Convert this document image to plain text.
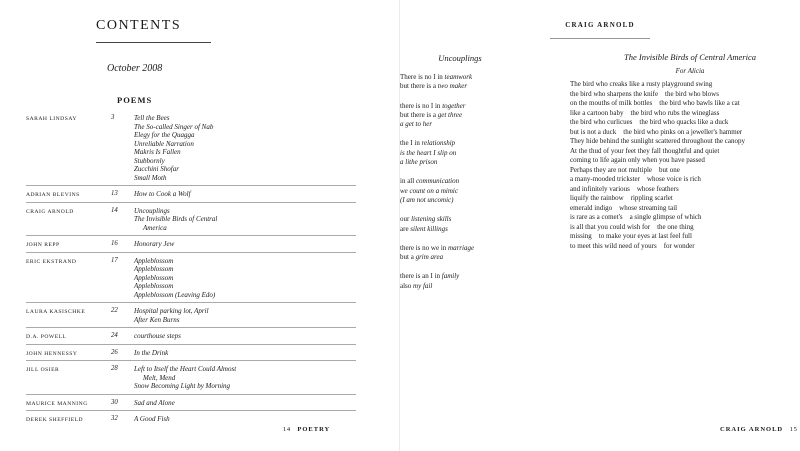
CONTENTS
October 2008
POEMS
SARAH LINDSAY	3	Tell the Bees
The So-called Singer of Nab
Elegy for the Quagga
Unreliable Narration
Makris Is Fallen
Stubbornly
Zucchini Shofar
Small Moth
ADRIAN BLEVINS	13	How to Cook a Wolf
CRAIG ARNOLD	14	Uncouplings
The Invisible Birds of Central
America
JOHN REPP	16	Honorary Jew
ERIC EKSTRAND	17	Appleblossom
Appleblossom
Appleblossom
Appleblossom
Appleblossom (Leaving Edo)
LAURA KASISCHKE	22	Hospital parking lot, April
After Ken Burns
D.A. POWELL	24	courthouse steps
JOHN HENNESSY	26	In the Drink
JILL OSIER	28	Left to Itself the Heart Could Almost
Melt, Mend
Snow Becoming Light by Morning
MAURICE MANNING	30	Sad and Alone
DEREK SHEFFIELD	32	A Good Fish
14 POETRY
CRAIG ARNOLD
Uncouplings
There is no I in teamwork
but there is a two maker
there is no I in together
but there is a get three
a get to her
the I in relationship
is the heart I slip on
a lithe prison
in all communication
we count on a mimic
(I am not uncomic)
our listening skills
are silent killings
there is no we in marriage
but a grim area
there is an I in family
also my fail
The Invisible Birds of Central America
For Alicia
The bird who creaks like a rusty playground swing
the bird who sharpens the knife    the bird who blows
on the mouths of milk bottles    the bird who bawls like a cat
like a cartoon baby    the bird who rubs the wineglass
the bird who curlicues    the bird who quacks like a duck
but is not a duck    the bird who pinks on a jeweller's hammer
They hide behind the sunlight scattered throughout the canopy
At the thud of your feet they fall thoughtful and quiet
coming to life again only when you have passed
Perhaps they are not multiple    but one
a many-mooded trickster    whose voice is rich
and infinitely various    whose feathers
liquify the rainbow    rippling scarlet
emerald indigo    whose streaming tail
is rare as a comet's    a single glimpse of which
is all that you could wish for    the one thing
missing    to make your eyes at last feel full
to meet this wild need of yours    for wonder
CRAIG ARNOLD 15
